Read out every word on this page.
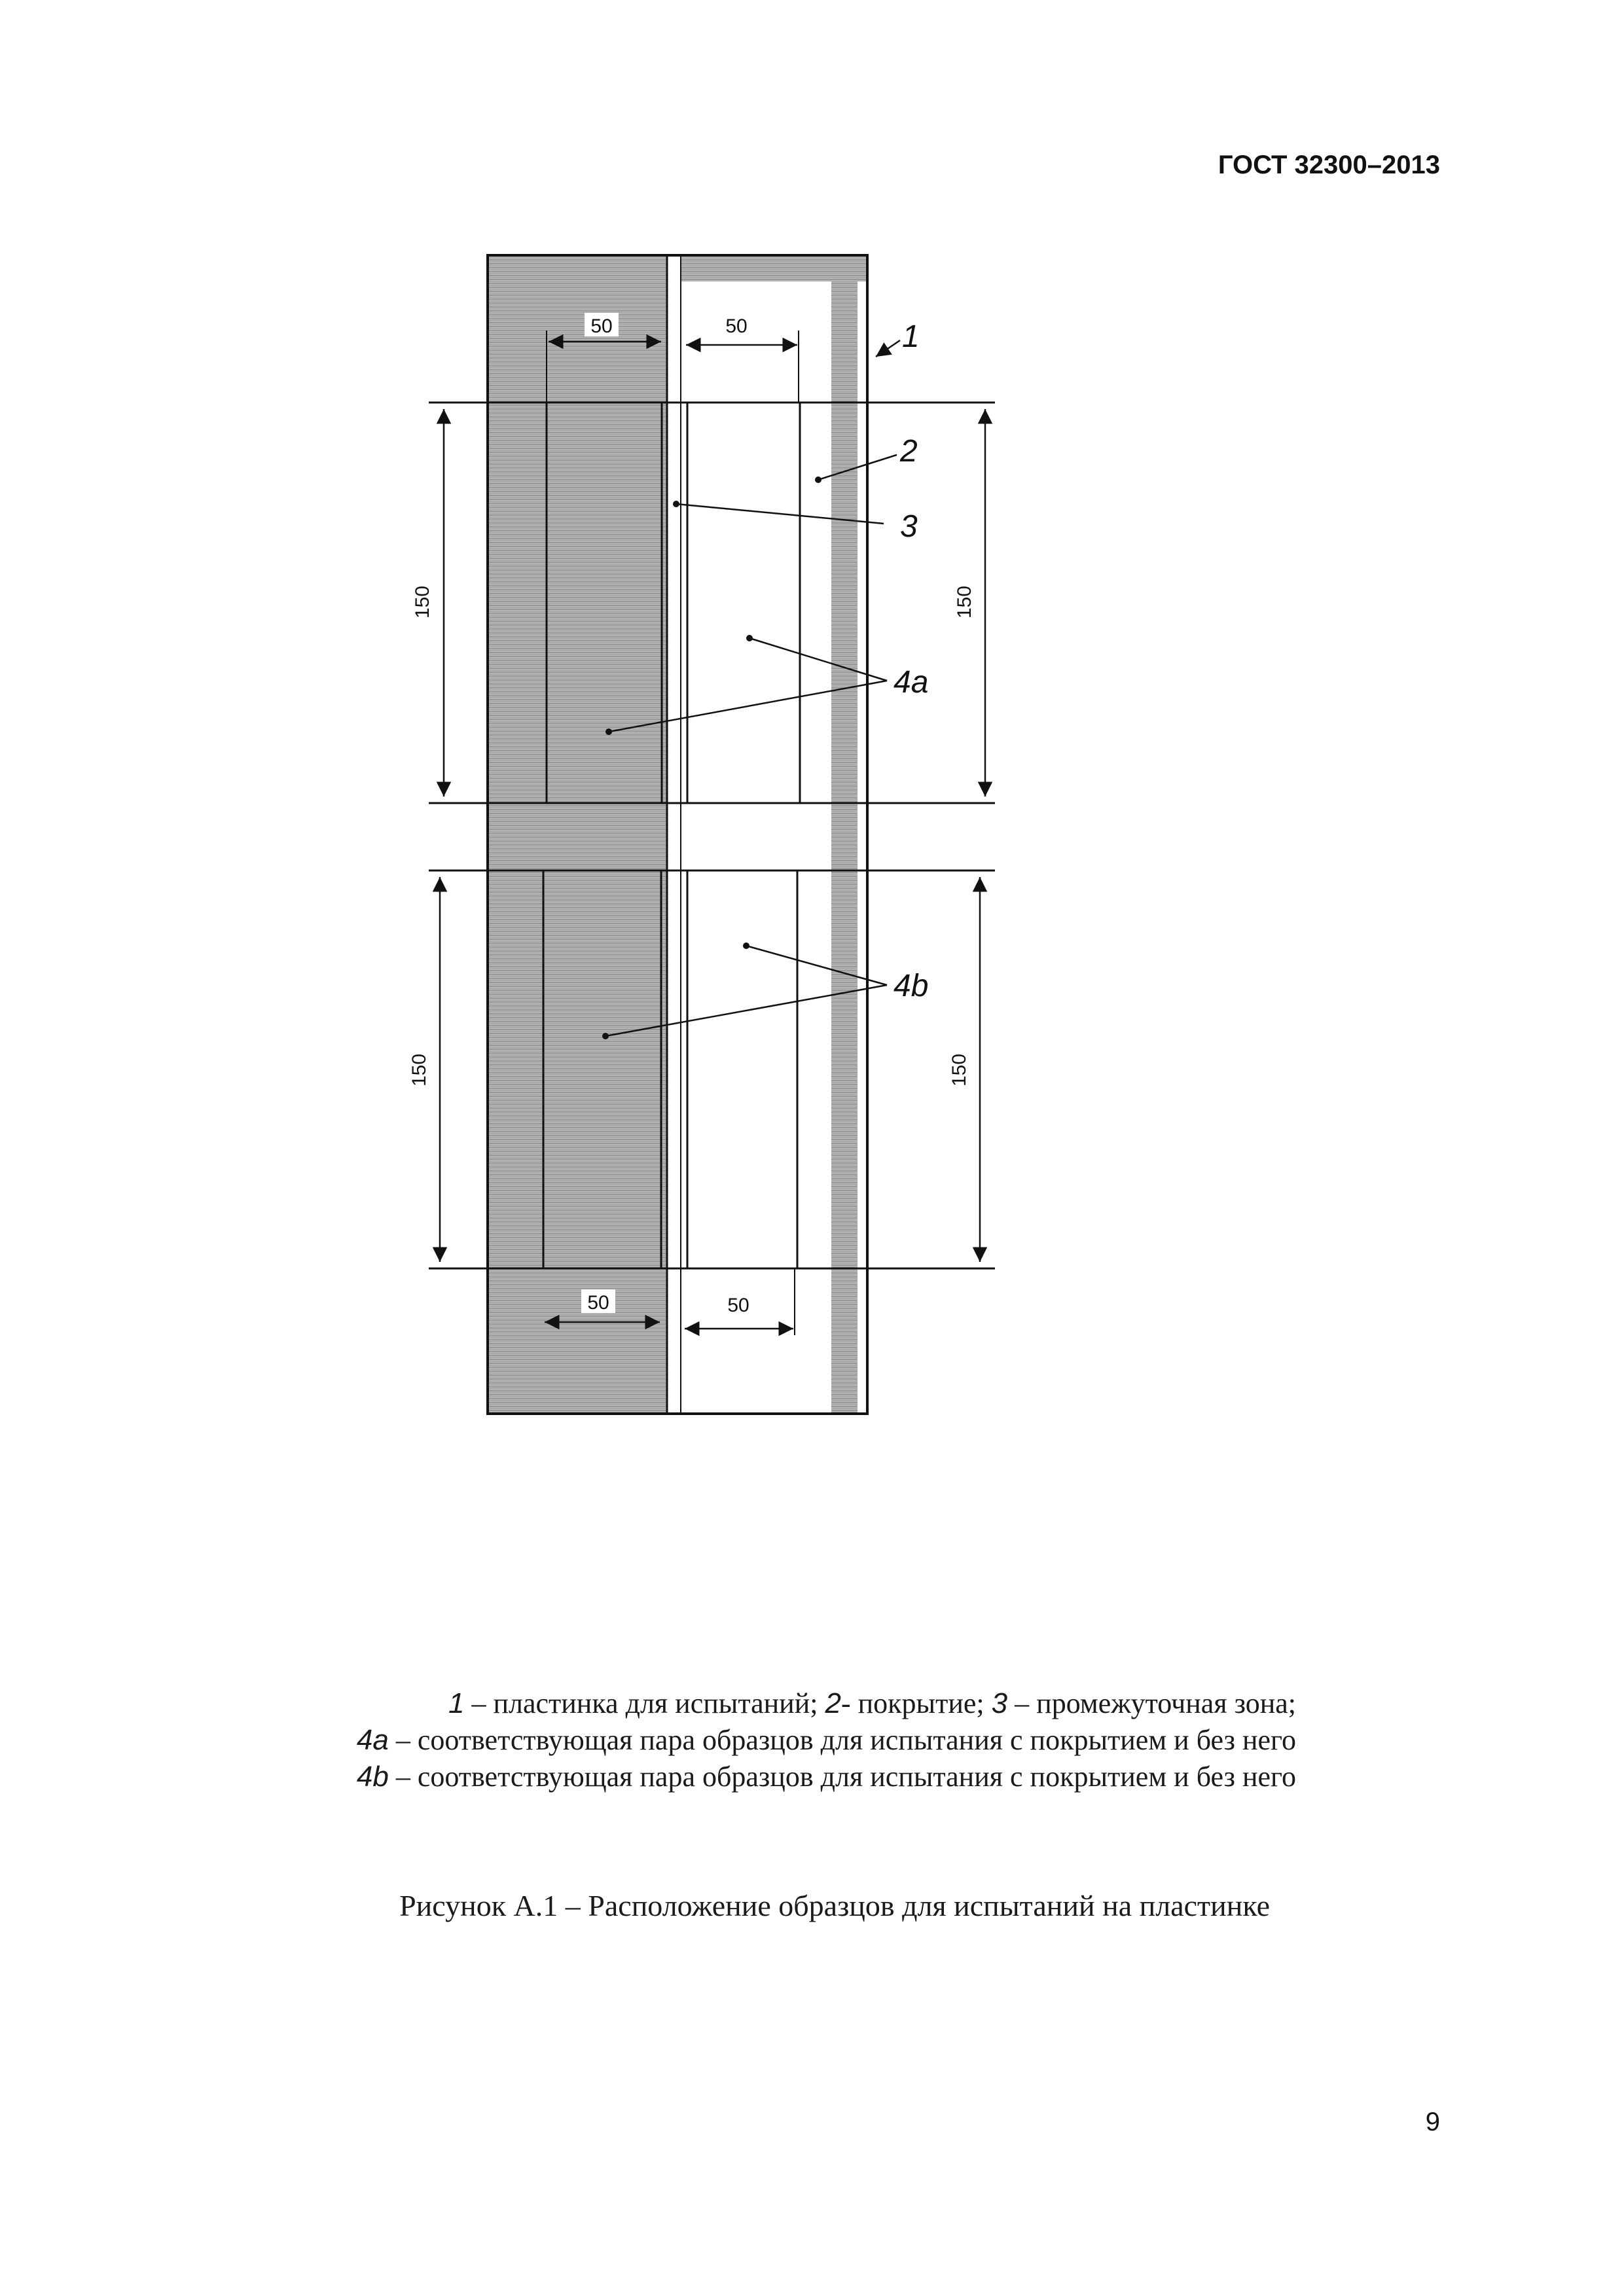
ГОСТ 32300–2013
150	150
150	150
50	50
50	50
1
2
3
4a
4b
1 – пластинка для испытаний; 2- покрытие; 3 – промежуточная зона;
4a – соответствующая пара образцов для испытания с покрытием и без него
4b – соответствующая пара образцов для испытания с покрытием и без него
Рисунок А.1 – Расположение образцов для испытаний на пластинке
9
